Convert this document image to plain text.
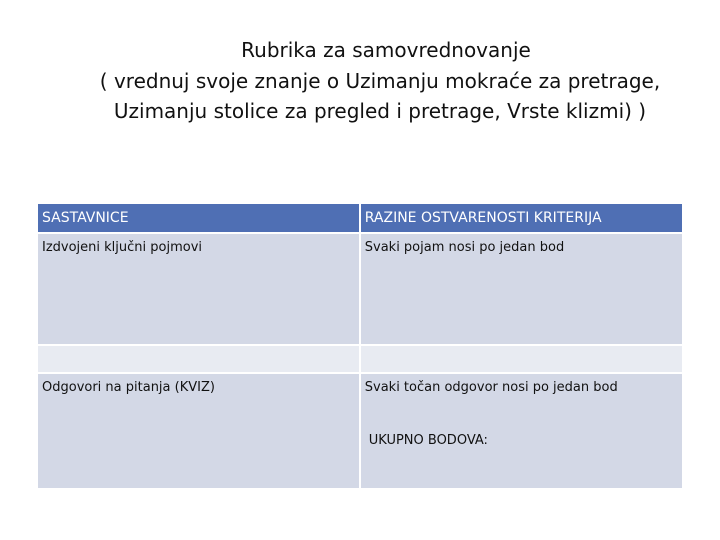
Rubrika za samovrednovanje
( vrednuj svoje znanje o Uzimanju mokraće za pretrage,
Uzimanju stolice za pregled i pretrage, Vrste klizmi) )
SASTAVNICE	RAZINE OSTVARENOSTI KRITERIJA
Izdvojeni ključni pojmovi	Svaki pojam nosi po jedan bod

Odgovori na pitanja (KVIZ)	Svaki točan odgovor nosi po jedan bod
UKUPNO BODOVA:
